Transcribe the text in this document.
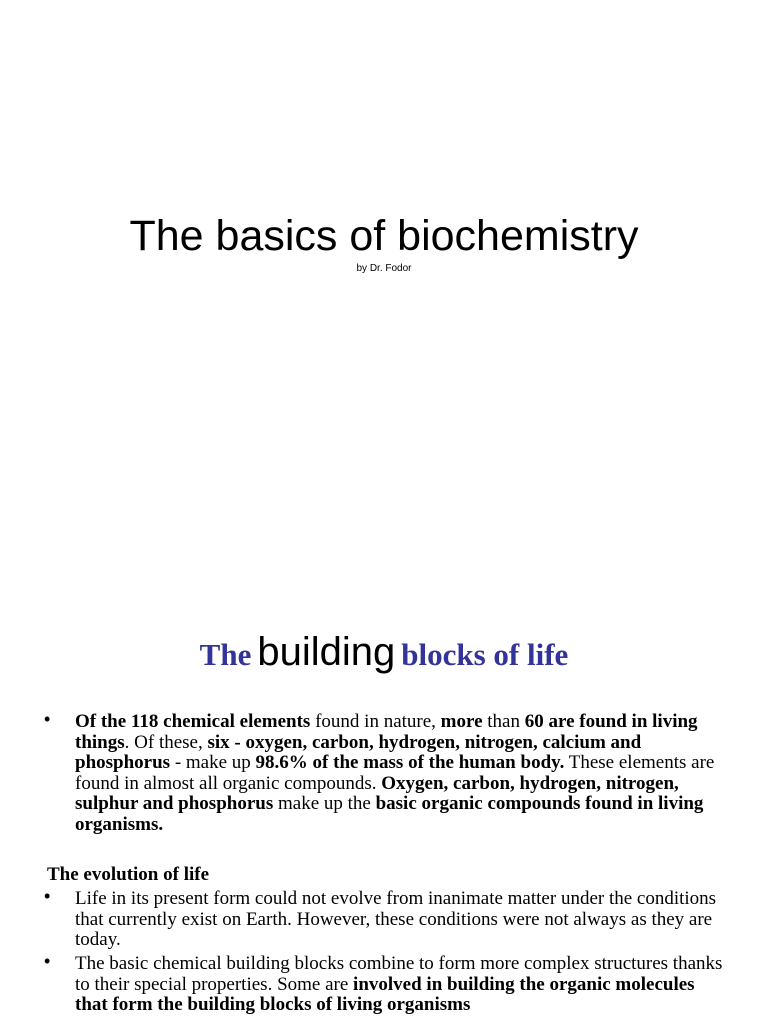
The basics of biochemistry
by Dr. Fodor
The building blocks of life
• Of the 118 chemical elements found in nature, more than 60 are found in living things. Of these, six - oxygen, carbon, hydrogen, nitrogen, calcium and phosphorus - make up 98.6% of the mass of the human body. These elements are found in almost all organic compounds. Oxygen, carbon, hydrogen, nitrogen, sulphur and phosphorus make up the basic organic compounds found in living organisms.
The evolution of life
• Life in its present form could not evolve from inanimate matter under the conditions that currently exist on Earth. However, these conditions were not always as they are today.
• The basic chemical building blocks combine to form more complex structures thanks to their special properties. Some are involved in building the organic molecules that form the building blocks of living organisms
